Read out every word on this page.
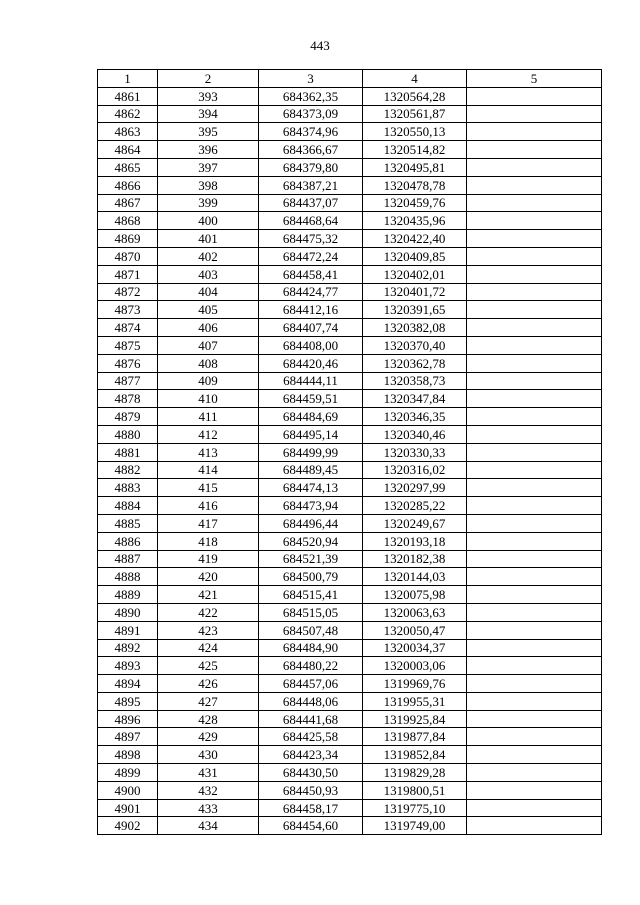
443
1	2	3	4	5
4861	393	684362,35	1320564,28	
4862	394	684373,09	1320561,87	
4863	395	684374,96	1320550,13	
4864	396	684366,67	1320514,82	
4865	397	684379,80	1320495,81	
4866	398	684387,21	1320478,78	
4867	399	684437,07	1320459,76	
4868	400	684468,64	1320435,96	
4869	401	684475,32	1320422,40	
4870	402	684472,24	1320409,85	
4871	403	684458,41	1320402,01	
4872	404	684424,77	1320401,72	
4873	405	684412,16	1320391,65	
4874	406	684407,74	1320382,08	
4875	407	684408,00	1320370,40	
4876	408	684420,46	1320362,78	
4877	409	684444,11	1320358,73	
4878	410	684459,51	1320347,84	
4879	411	684484,69	1320346,35	
4880	412	684495,14	1320340,46	
4881	413	684499,99	1320330,33	
4882	414	684489,45	1320316,02	
4883	415	684474,13	1320297,99	
4884	416	684473,94	1320285,22	
4885	417	684496,44	1320249,67	
4886	418	684520,94	1320193,18	
4887	419	684521,39	1320182,38	
4888	420	684500,79	1320144,03	
4889	421	684515,41	1320075,98	
4890	422	684515,05	1320063,63	
4891	423	684507,48	1320050,47	
4892	424	684484,90	1320034,37	
4893	425	684480,22	1320003,06	
4894	426	684457,06	1319969,76	
4895	427	684448,06	1319955,31	
4896	428	684441,68	1319925,84	
4897	429	684425,58	1319877,84	
4898	430	684423,34	1319852,84	
4899	431	684430,50	1319829,28	
4900	432	684450,93	1319800,51	
4901	433	684458,17	1319775,10	
4902	434	684454,60	1319749,00	
